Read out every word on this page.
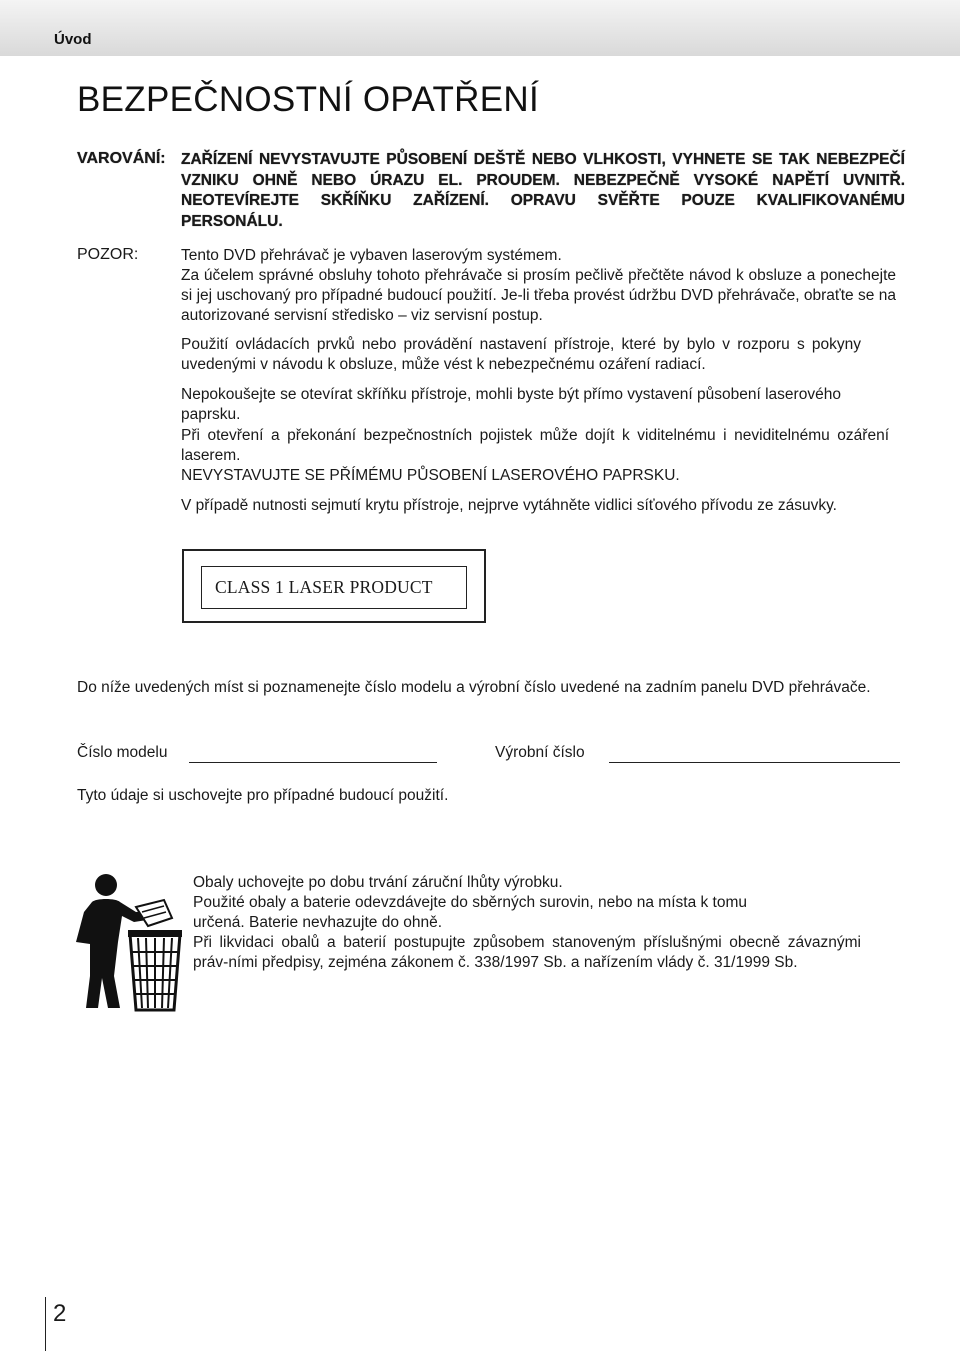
Úvod
BEZPEČNOSTNÍ OPATŘENÍ
VAROVÁNÍ: ZAŘÍZENÍ NEVYSTAVUJTE PŮSOBENÍ DEŠTĚ NEBO VLHKOSTI, VYHNETE SE TAK NEBEZPEČÍ VZNIKU OHNĚ NEBO ÚRAZU EL. PROUDEM. NEBEZPEČNĚ VYSOKÉ NAPĚTÍ UVNITŘ. NEOTEVÍREJTE SKŘÍŇKU ZAŘÍZENÍ. OPRAVU SVĚŘTE POUZE KVALIFIKOVANÉMU PERSONÁLU.
POZOR:	Tento DVD přehrávač je vybaven laserovým systémem.

Za účelem správné obsluhy tohoto přehrávače si prosím pečlivě přečtěte návod k obsluze a ponechejte si jej uschovaný pro případné budoucí použití. Je-li třeba provést údržbu DVD přehrávače, obraťte se na autorizované servisní středisko – viz servisní postup.

Použití ovládacích prvků nebo provádění nastavení přístroje, které by bylo v rozporu s pokyny uvedenými v návodu k obsluze, může vést k nebezpečnému ozáření radiací.

Nepokoušejte se otevírat skříňku přístroje, mohli byste být přímo vystavení působení laserového paprsku.

Při otevření a překonání bezpečnostních pojistek může dojít k viditelnému i neviditelnému ozáření laserem.

NEVYSTAVUJTE SE PŘÍMÉMU PŮSOBENÍ LASEROVÉHO PAPRSKU.

V případě nutnosti sejmutí krytu přístroje, nejprve vytáhněte vidlici síťového přívodu ze zásuvky.

CLASS 1 LASER PRODUCT

Do níže uvedených míst si poznamenejte číslo modelu a výrobní číslo uvedené na zadním panelu DVD přehrávače.

Číslo modelu	Výrobní číslo

Tyto údaje si uschovejte pro případné budoucí použití.

Obaly uchovejte po dobu trvání záruční lhůty výrobku.
Použité obaly a baterie odevzdávejte do sběrných surovin, nebo na místa k tomu určená. Baterie nevhazujte do ohně.
Při likvidaci obalů a baterií postupujte způsobem stanoveným příslušnými obecně závaznými práv-ními předpisy, zejména zákonem č. 338/1997 Sb. a nařízením vlády č. 31/1999 Sb.

2
